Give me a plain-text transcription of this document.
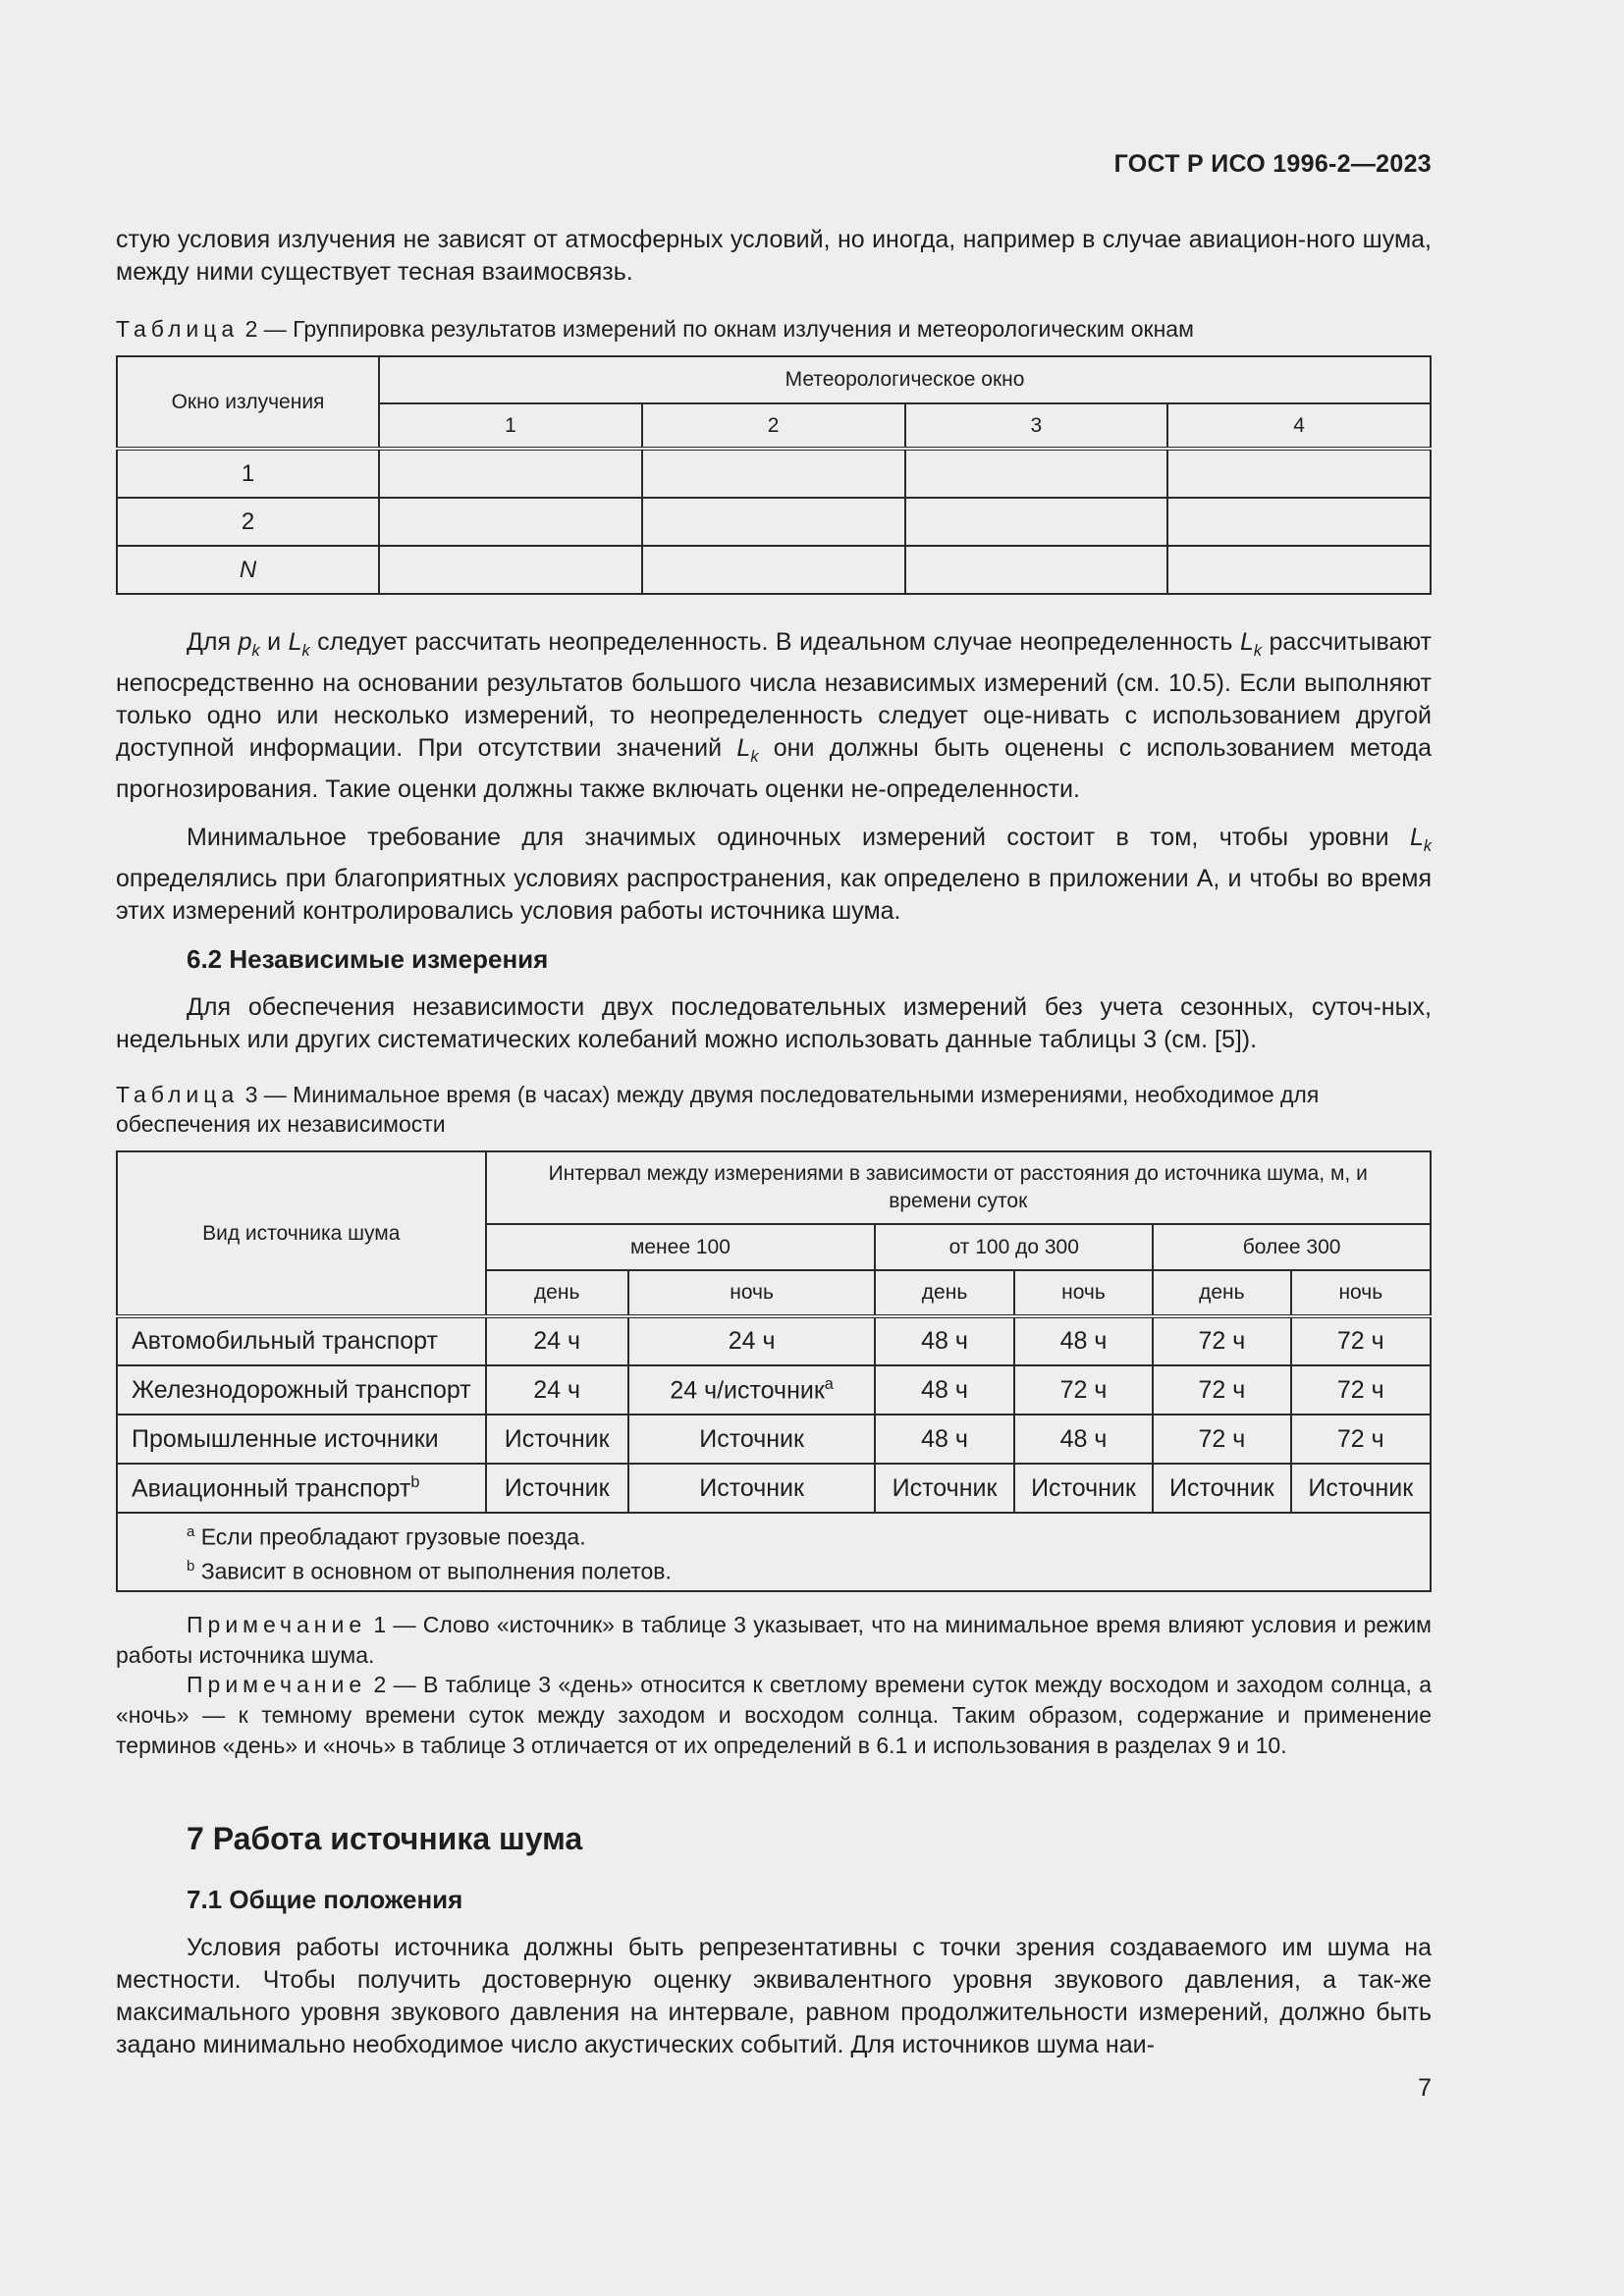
ГОСТ Р ИСО 1996-2—2023
стую условия излучения не зависят от атмосферных условий, но иногда, например в случае авиацион-ного шума, между ними существует тесная взаимосвязь.
Таблица 2 — Группировка результатов измерений по окнам излучения и метеорологическим окнам
Окно излучения	Метеорологическое окно			
	1	2	3	4
1				
2				
N				
Для $p_k$ и $L_k$ следует рассчитать неопределенность. В идеальном случае неопределенность $L_k$ рассчитывают непосредственно на основании результатов большого числа независимых измерений (см. 10.5). Если выполняют только одно или несколько измерений, то неопределенность следует оце-нивать с использованием другой доступной информации. При отсутствии значений $L_k$ они должны быть оценены с использованием метода прогнозирования. Такие оценки должны также включать оценки не-определенности.
Минимальное требование для значимых одиночных измерений состоит в том, чтобы уровни $L_k$ определялись при благоприятных условиях распространения, как определено в приложении А, и чтобы во время этих измерений контролировались условия работы источника шума.
6.2 Независимые измерения
Для обеспечения независимости двух последовательных измерений без учета сезонных, суточ-ных, недельных или других систематических колебаний можно использовать данные таблицы 3 (см. [5]).
Таблица 3 — Минимальное время (в часах) между двумя последовательными измерениями, необходимое для обеспечения их независимости
Вид источника шума	Интервал между измерениями в зависимости от расстояния до источника шума, м, и времени суток					
	менее 100		от 100 до 300		более 300	
	день	ночь	день	ночь	день	ночь
Автомобильный транспорт	24 ч	24 ч	48 ч	48 ч	72 ч	72 ч
Железнодорожный транспорт	24 ч	24 ч/источник$^a$	48 ч	72 ч	72 ч	72 ч
Промышленные источники	Источник	Источник	48 ч	48 ч	72 ч	72 ч
Авиационный транспорт$^b$	Источник	Источник	Источник	Источник	Источник	Источник

$^a$ Если преобладают грузовые поезда.
$^b$ Зависит в основном от выполнения полетов.						
Примечание 1 — Слово «источник» в таблице 3 указывает, что на минимальное время влияют условия и режим работы источника шума.
Примечание 2 — В таблице 3 «день» относится к светлому времени суток между восходом и заходом солнца, а «ночь» — к темному времени суток между заходом и восходом солнца. Таким образом, содержание и применение терминов «день» и «ночь» в таблице 3 отличается от их определений в 6.1 и использования в разделах 9 и 10.
7 Работа источника шума
7.1 Общие положения
Условия работы источника должны быть репрезентативны с точки зрения создаваемого им шума на местности. Чтобы получить достоверную оценку эквивалентного уровня звукового давления, а так-же максимального уровня звукового давления на интервале, равном продолжительности измерений, должно быть задано минимально необходимое число акустических событий. Для источников шума наи-
7
